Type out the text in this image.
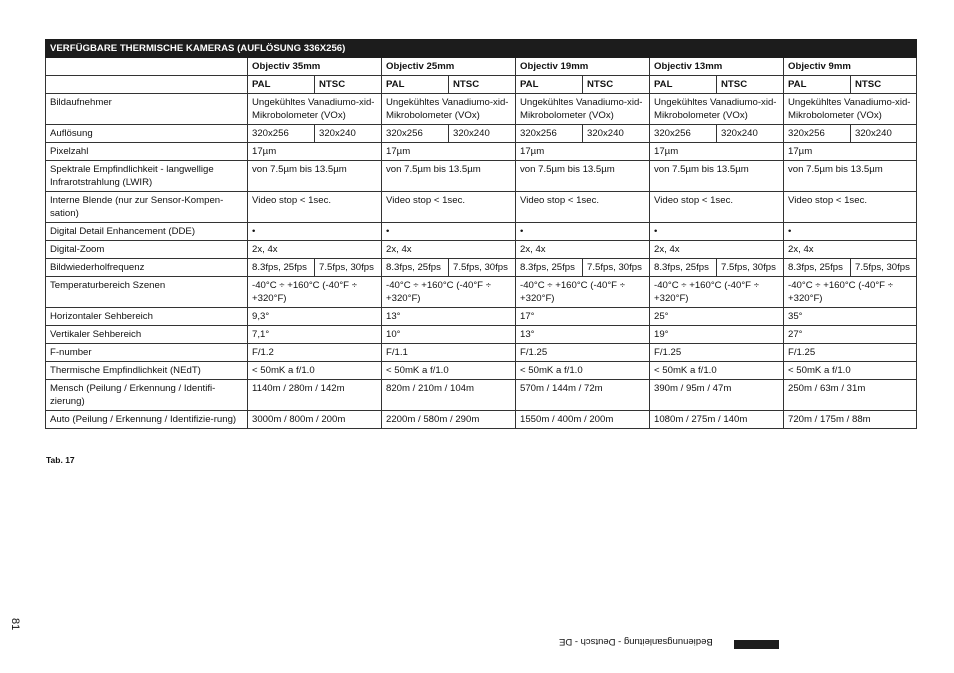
VERFÜGBARE THERMISCHE KAMERAS (AUFLÖSUNG 336X256)										
	Objectiv 35mm		Objectiv 25mm		Objectiv 19mm		Objectiv 13mm		Objectiv 9mm	
	PAL	NTSC	PAL	NTSC	PAL	NTSC	PAL	NTSC	PAL	NTSC
Bildaufnehmer	Ungekühltes Vanadiumo-xid-Mikrobolometer (VOx)		Ungekühltes Vanadiumo-xid-Mikrobolometer (VOx)		Ungekühltes Vanadiumo-xid-Mikrobolometer (VOx)		Ungekühltes Vanadiumo-xid-Mikrobolometer (VOx)		Ungekühltes Vanadiumo-xid-Mikrobolometer (VOx)	
Auflösung	320x256	320x240	320x256	320x240	320x256	320x240	320x256	320x240	320x256	320x240
Pixelzahl	17µm		17µm		17µm		17µm		17µm	
Spektrale Empfindlichkeit - langwellige Infrarotstrahlung (LWIR)	von 7.5µm bis 13.5µm		von 7.5µm bis 13.5µm		von 7.5µm bis 13.5µm		von 7.5µm bis 13.5µm		von 7.5µm bis 13.5µm	
Interne Blende (nur zur Sensor-Kompen-sation)	Video stop < 1sec.		Video stop < 1sec.		Video stop < 1sec.		Video stop < 1sec.		Video stop < 1sec.	
Digital Detail Enhancement (DDE)	•		•		•		•		•	
Digital-Zoom	2x, 4x		2x, 4x		2x, 4x		2x, 4x		2x, 4x	
Bildwiederholfrequenz	8.3fps, 25fps	7.5fps, 30fps	8.3fps, 25fps	7.5fps, 30fps	8.3fps, 25fps	7.5fps, 30fps	8.3fps, 25fps	7.5fps, 30fps	8.3fps, 25fps	7.5fps, 30fps
Temperaturbereich Szenen	-40°C ÷ +160°C (-40°F ÷ +320°F)		-40°C ÷ +160°C (-40°F ÷ +320°F)		-40°C ÷ +160°C (-40°F ÷ +320°F)		-40°C ÷ +160°C (-40°F ÷ +320°F)		-40°C ÷ +160°C (-40°F ÷ +320°F)	
Horizontaler Sehbereich	9,3°		13°		17°		25°		35°	
Vertikaler Sehbereich	7,1°		10°		13°		19°		27°	
F-number	F/1.2		F/1.1		F/1.25		F/1.25		F/1.25	
Thermische Empfindlichkeit (NEdT)	< 50mK a f/1.0		< 50mK a f/1.0		< 50mK a f/1.0		< 50mK a f/1.0		< 50mK a f/1.0	
Mensch (Peilung / Erkennung / Identifi-zierung)	1140m / 280m / 142m		820m / 210m / 104m		570m / 144m / 72m		390m / 95m / 47m		250m / 63m / 31m	
Auto (Peilung / Erkennung / Identifizie-rung)	3000m / 800m / 200m		2200m / 580m / 290m		1550m / 400m / 200m		1080m / 275m / 140m		720m / 175m / 88m	
Tab. 17
81
Bedienungsanleitung - Deutsch - DE
